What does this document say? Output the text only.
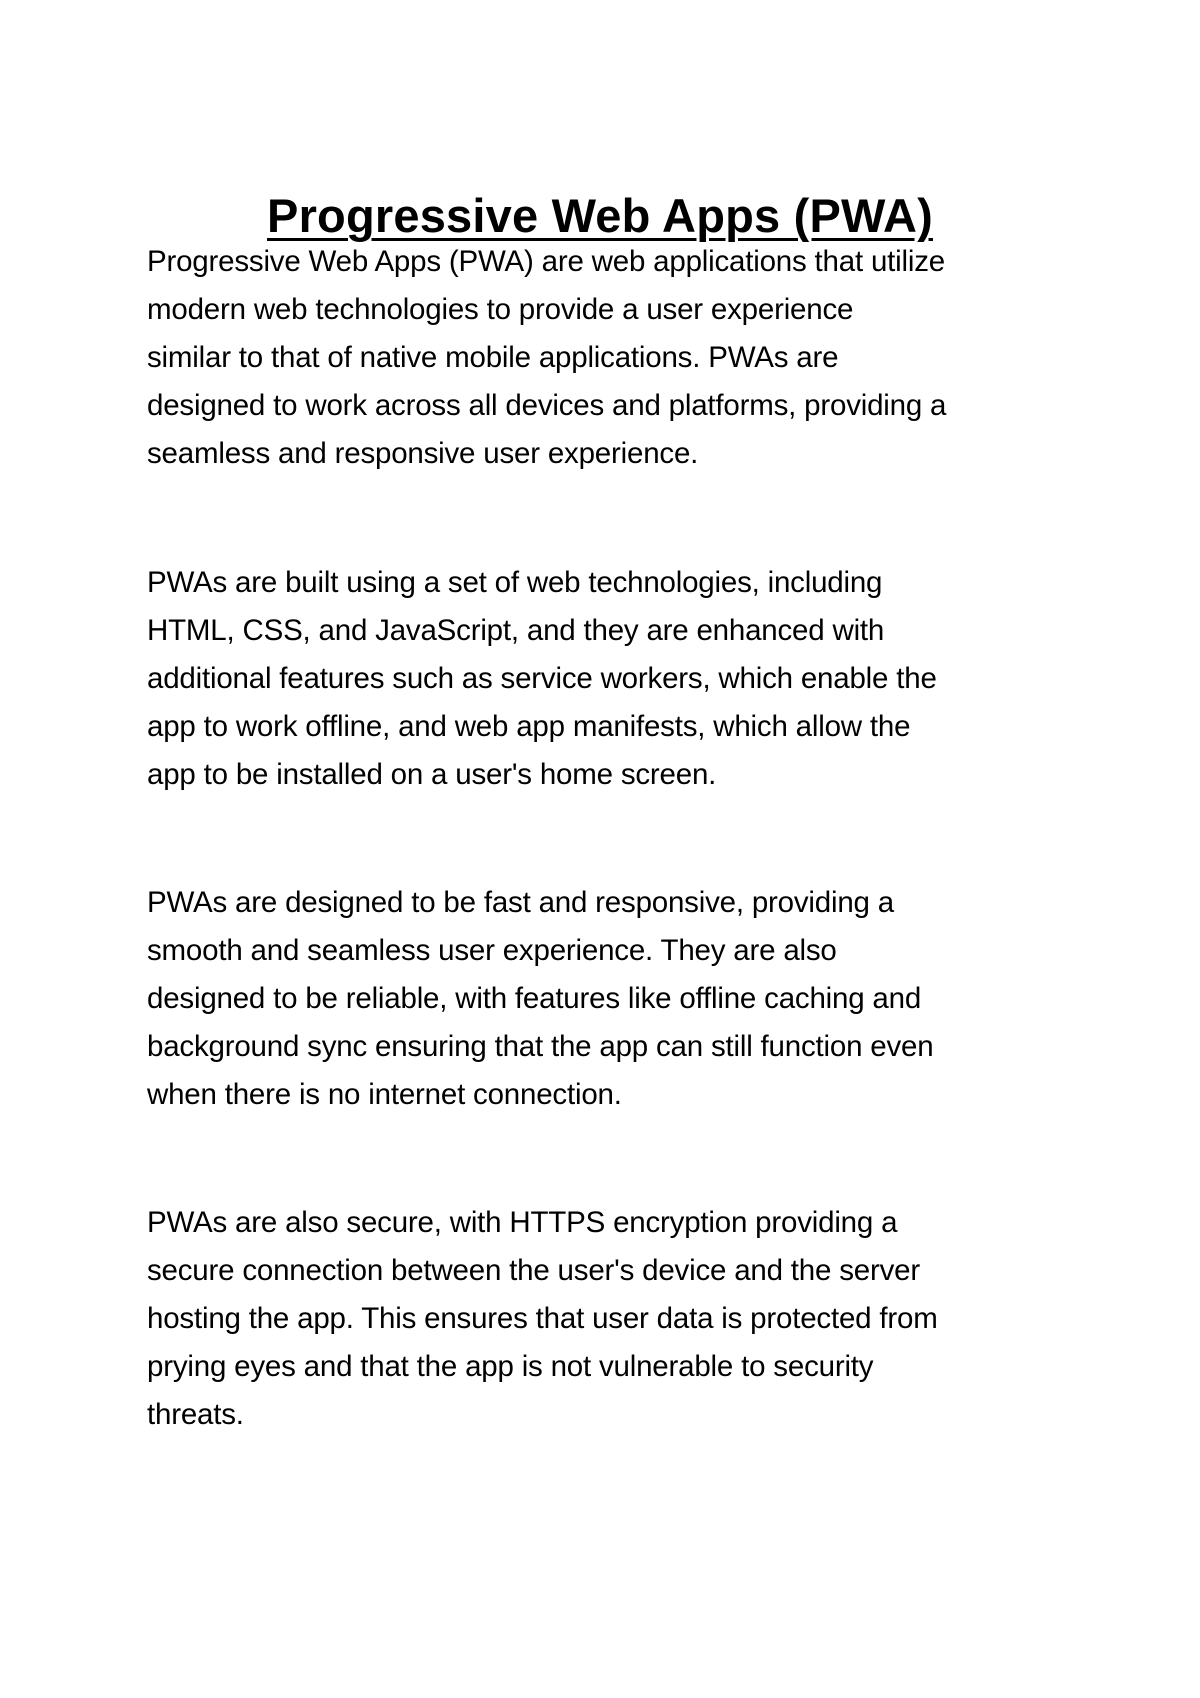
Progressive Web Apps (PWA)

Progressive Web Apps (PWA) are web applications that utilize
modern web technologies to provide a user experience
similar to that of native mobile applications. PWAs are
designed to work across all devices and platforms, providing a
seamless and responsive user experience.

PWAs are built using a set of web technologies, including
HTML, CSS, and JavaScript, and they are enhanced with
additional features such as service workers, which enable the
app to work offline, and web app manifests, which allow the
app to be installed on a user's home screen.

PWAs are designed to be fast and responsive, providing a
smooth and seamless user experience. They are also
designed to be reliable, with features like offline caching and
background sync ensuring that the app can still function even
when there is no internet connection.

PWAs are also secure, with HTTPS encryption providing a
secure connection between the user's device and the server
hosting the app. This ensures that user data is protected from
prying eyes and that the app is not vulnerable to security
threats.
